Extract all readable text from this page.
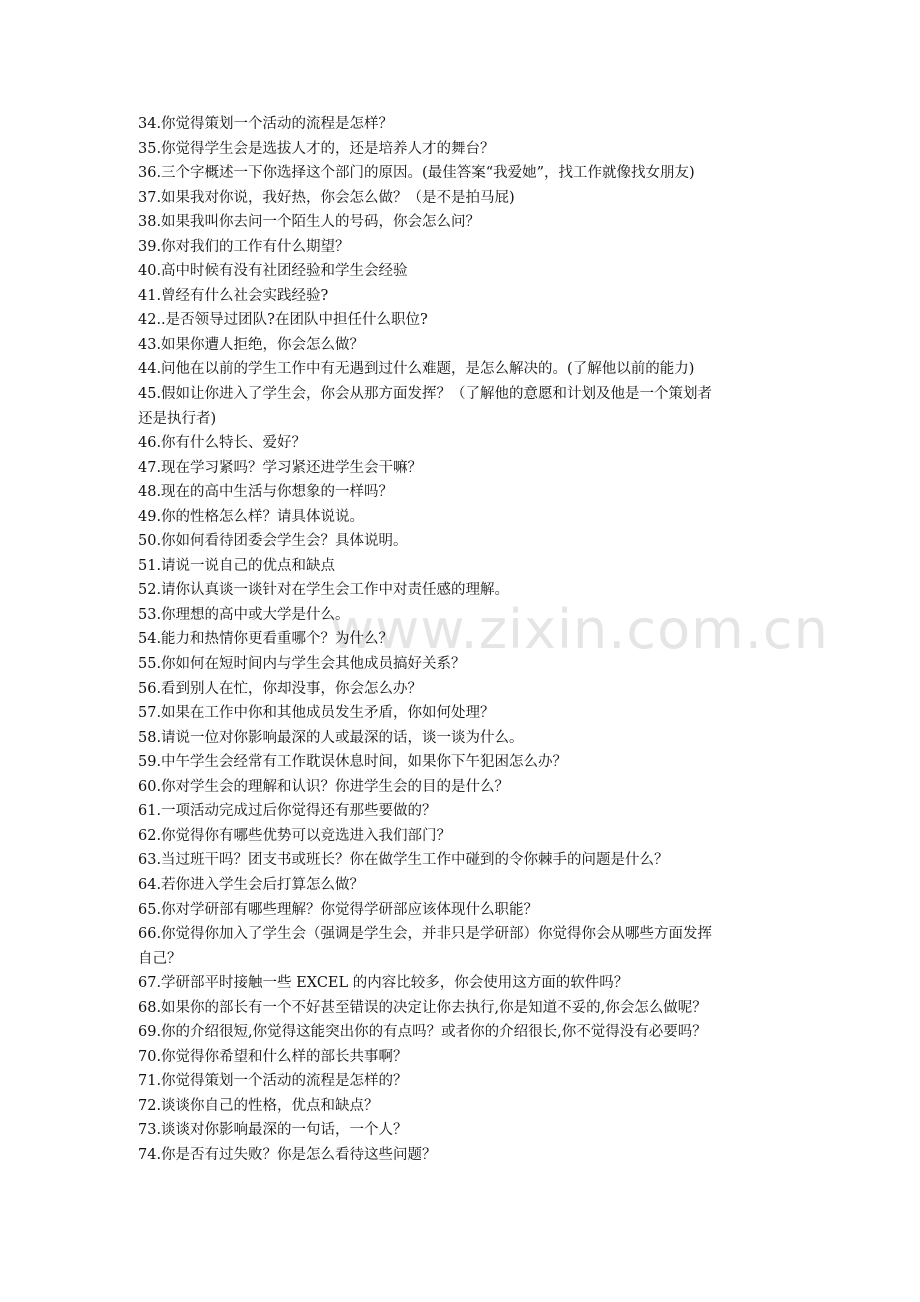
www.zixin.com.cn
34.你觉得策划一个活动的流程是怎样？
35.你觉得学生会是选拔人才的，还是培养人才的舞台？
36.三个字概述一下你选择这个部门的原因。(最佳答案“我爱她”，找工作就像找女朋友)
37.如果我对你说，我好热，你会怎么做？（是不是拍马屁)
38.如果我叫你去问一个陌生人的号码，你会怎么问？
39.你对我们的工作有什么期望？
40.高中时候有没有社团经验和学生会经验
41.曾经有什么社会实践经验?
42..是否领导过团队?在团队中担任什么职位?
43.如果你遭人拒绝，你会怎么做？
44.问他在以前的学生工作中有无遇到过什么难题，是怎么解决的。(了解他以前的能力)
45.假如让你进入了学生会，你会从那方面发挥？（了解他的意愿和计划及他是一个策划者
还是执行者)
46.你有什么特长、爱好？
47.现在学习紧吗？学习紧还进学生会干嘛？
48.现在的高中生活与你想象的一样吗？
49.你的性格怎么样？请具体说说。
50.你如何看待团委会学生会？具体说明。
51.请说一说自己的优点和缺点
52.请你认真谈一谈针对在学生会工作中对责任感的理解。
53.你理想的高中或大学是什么。
54.能力和热情你更看重哪个？为什么？
55.你如何在短时间内与学生会其他成员搞好关系？
56.看到别人在忙，你却没事，你会怎么办？
57.如果在工作中你和其他成员发生矛盾，你如何处理？
58.请说一位对你影响最深的人或最深的话，谈一谈为什么。
59.中午学生会经常有工作耽误休息时间，如果你下午犯困怎么办？
60.你对学生会的理解和认识？你进学生会的目的是什么？
61.一项活动完成过后你觉得还有那些要做的？
62.你觉得你有哪些优势可以竞选进入我们部门？
63.当过班干吗？团支书或班长？你在做学生工作中碰到的令你棘手的问题是什么？
64.若你进入学生会后打算怎么做？
65.你对学研部有哪些理解？你觉得学研部应该体现什么职能？
66.你觉得你加入了学生会（强调是学生会，并非只是学研部）你觉得你会从哪些方面发挥
自己？
67.学研部平时接触一些 EXCEL 的内容比较多，你会使用这方面的软件吗？
68.如果你的部长有一个不好甚至错误的决定让你去执行,你是知道不妥的,你会怎么做呢？
69.你的介绍很短,你觉得这能突出你的有点吗？或者你的介绍很长,你不觉得没有必要吗？
70.你觉得你希望和什么样的部长共事啊？
71.你觉得策划一个活动的流程是怎样的？
72.谈谈你自己的性格，优点和缺点？
73.谈谈对你影响最深的一句话，一个人？
74.你是否有过失败？你是怎么看待这些问题？
